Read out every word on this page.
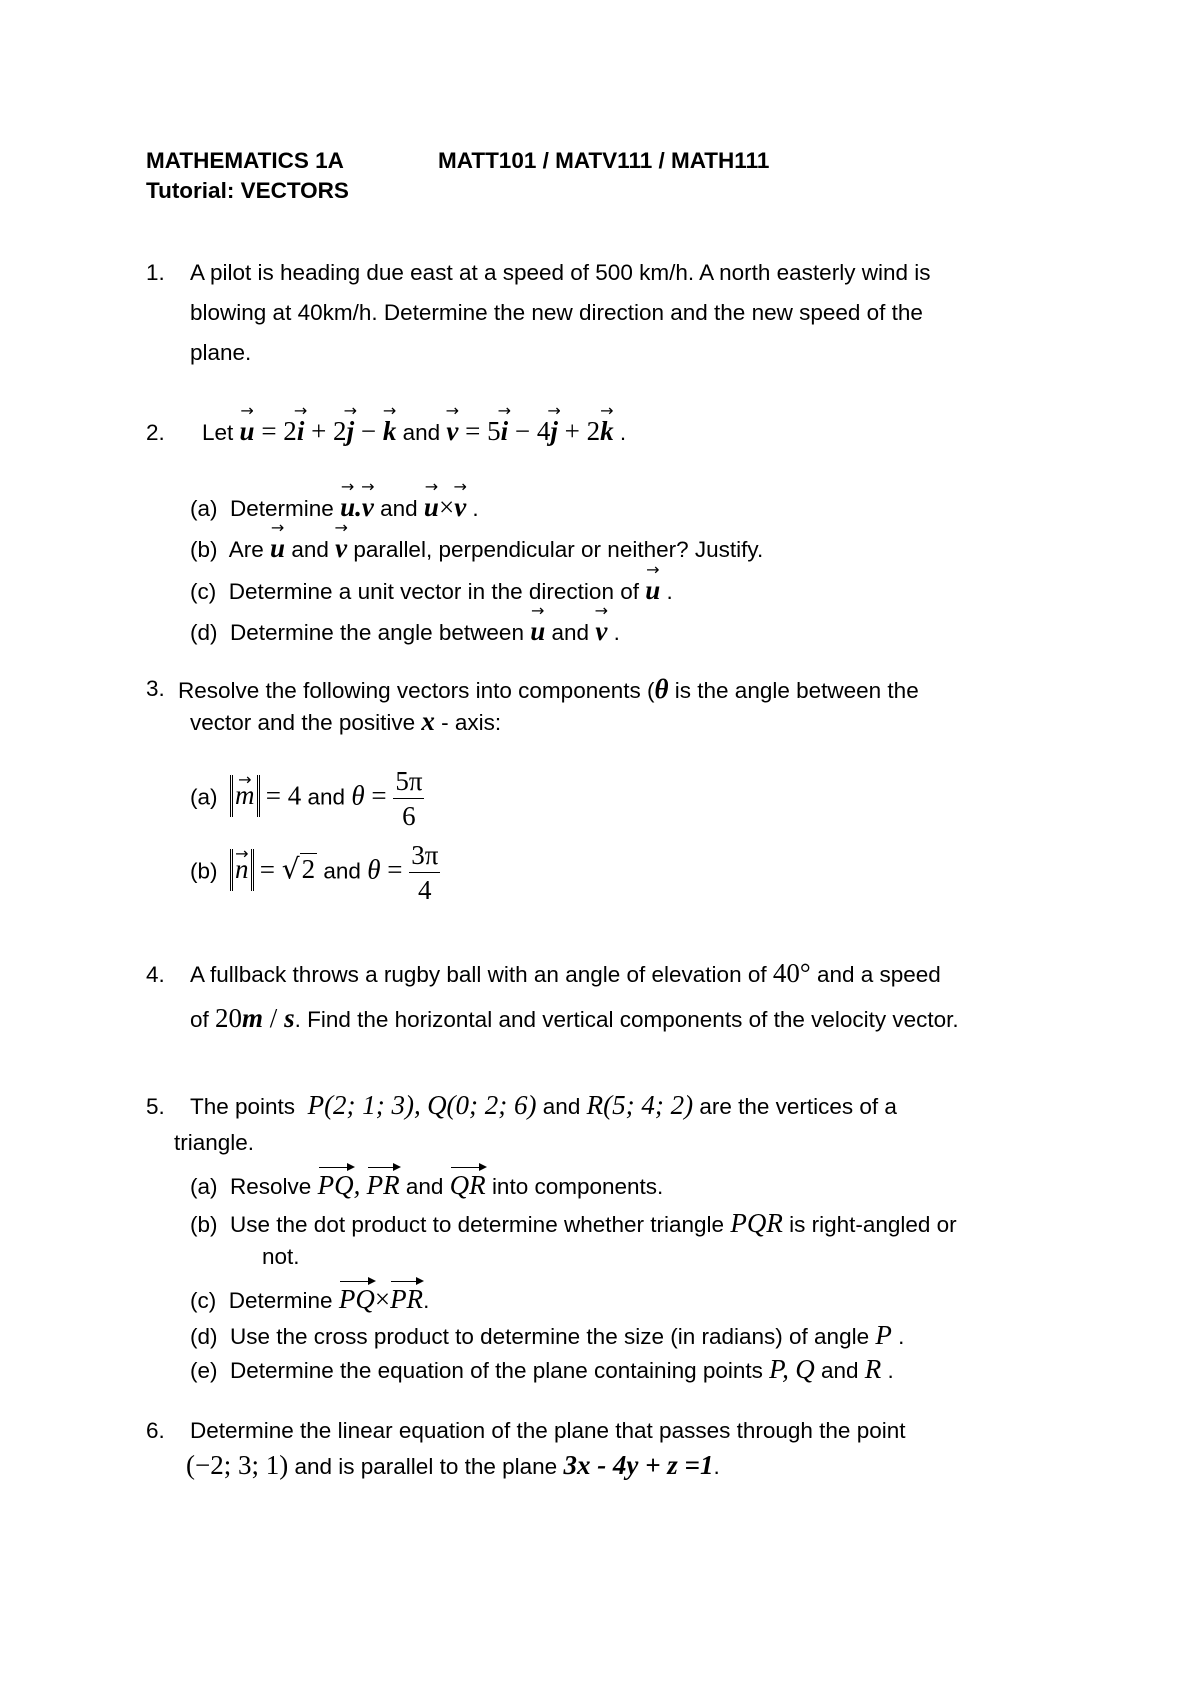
MATHEMATICS 1A	MATT101 / MATV111 / MATH111
Tutorial: VECTORS
1. A pilot is heading due east at a speed of 500 km/h. A north easterly wind is
blowing at 40km/h. Determine the new direction and the new speed of the
plane.
2. Let → u = 2→ i + 2→ j − → k and → v = 5→ i − 4→ j + 2→ k .
(a) Determine → u.→ v and → u×→ v .
(b) Are → u and → v parallel, perpendicular or neither? Justify.
(c) Determine a unit vector in the direction of → u .
(d) Determine the angle between → u and → v .
3. Resolve the following vectors into components (θ is the angle between the
vector and the positive x - axis:
(a) → m = 4 and $\theta = \frac{5\pi}{6}$
(b) → n = √2 and $\theta = \frac{3\pi}{4}$
4. A fullback throws a rugby ball with an angle of elevation of 40° and a speed
of 20m / s. Find the horizontal and vertical components of the velocity vector.
5. The points P(2; 1; 3), Q(0; 2; 6) and R(5; 4; 2) are the vertices of a
triangle.
(a) Resolve PQ, PR and QR into components.
(b) Use the dot product to determine whether triangle PQR is right-angled or
not.
(c) Determine PQ×PR.
(d) Use the cross product to determine the size (in radians) of angle P .
(e) Determine the equation of the plane containing points P, Q and R .
6. Determine the linear equation of the plane that passes through the point
(−2; 3; 1) and is parallel to the plane 3x - 4y + z =1.
